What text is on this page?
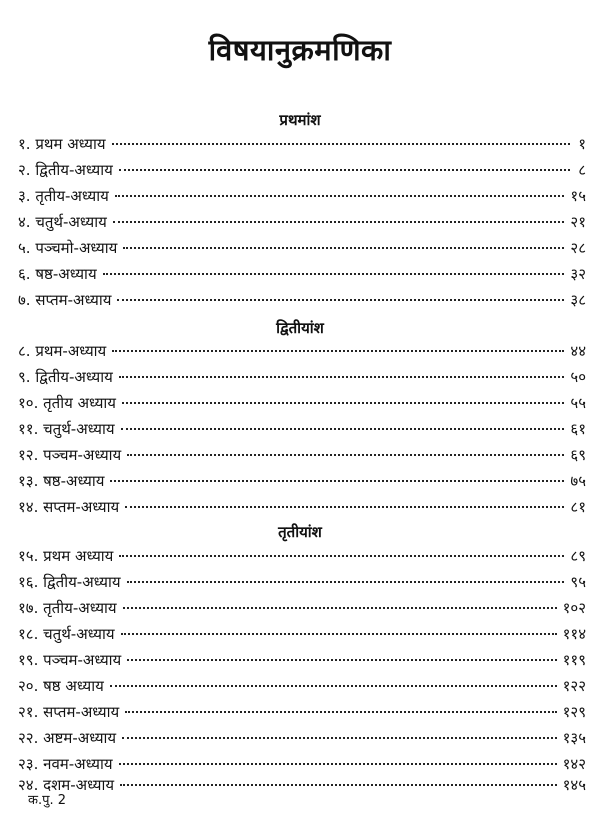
विषयानुक्रमणिका
प्रथमांश
१. प्रथम अध्याय	१
२. द्वितीय-अध्याय	८
३. तृतीय-अध्याय	१५
४. चतुर्थ-अध्याय	२१
५. पञ्चमो-अध्याय	२८
६. षष्ठ-अध्याय	३२
७. सप्तम-अध्याय	३८
द्वितीयांश
८. प्रथम-अध्याय	४४
९. द्वितीय-अध्याय	५०
१०. तृतीय अध्याय	५५
११. चतुर्थ-अध्याय	६१
१२. पञ्चम-अध्याय	६९
१३. षष्ठ-अध्याय	७५
१४. सप्तम-अध्याय	८१
तृतीयांश
१५. प्रथम अध्याय	८९
१६. द्वितीय-अध्याय	९५
१७. तृतीय-अध्याय	१०२
१८. चतुर्थ-अध्याय	११४
१९. पञ्चम-अध्याय	११९
२०. षष्ठ अध्याय	१२२
२१. सप्तम-अध्याय	१२९
२२. अष्टम-अध्याय	१३५
२३. नवम-अध्याय	१४२
२४. दशम-अध्याय	१४५
क.पु. 2
